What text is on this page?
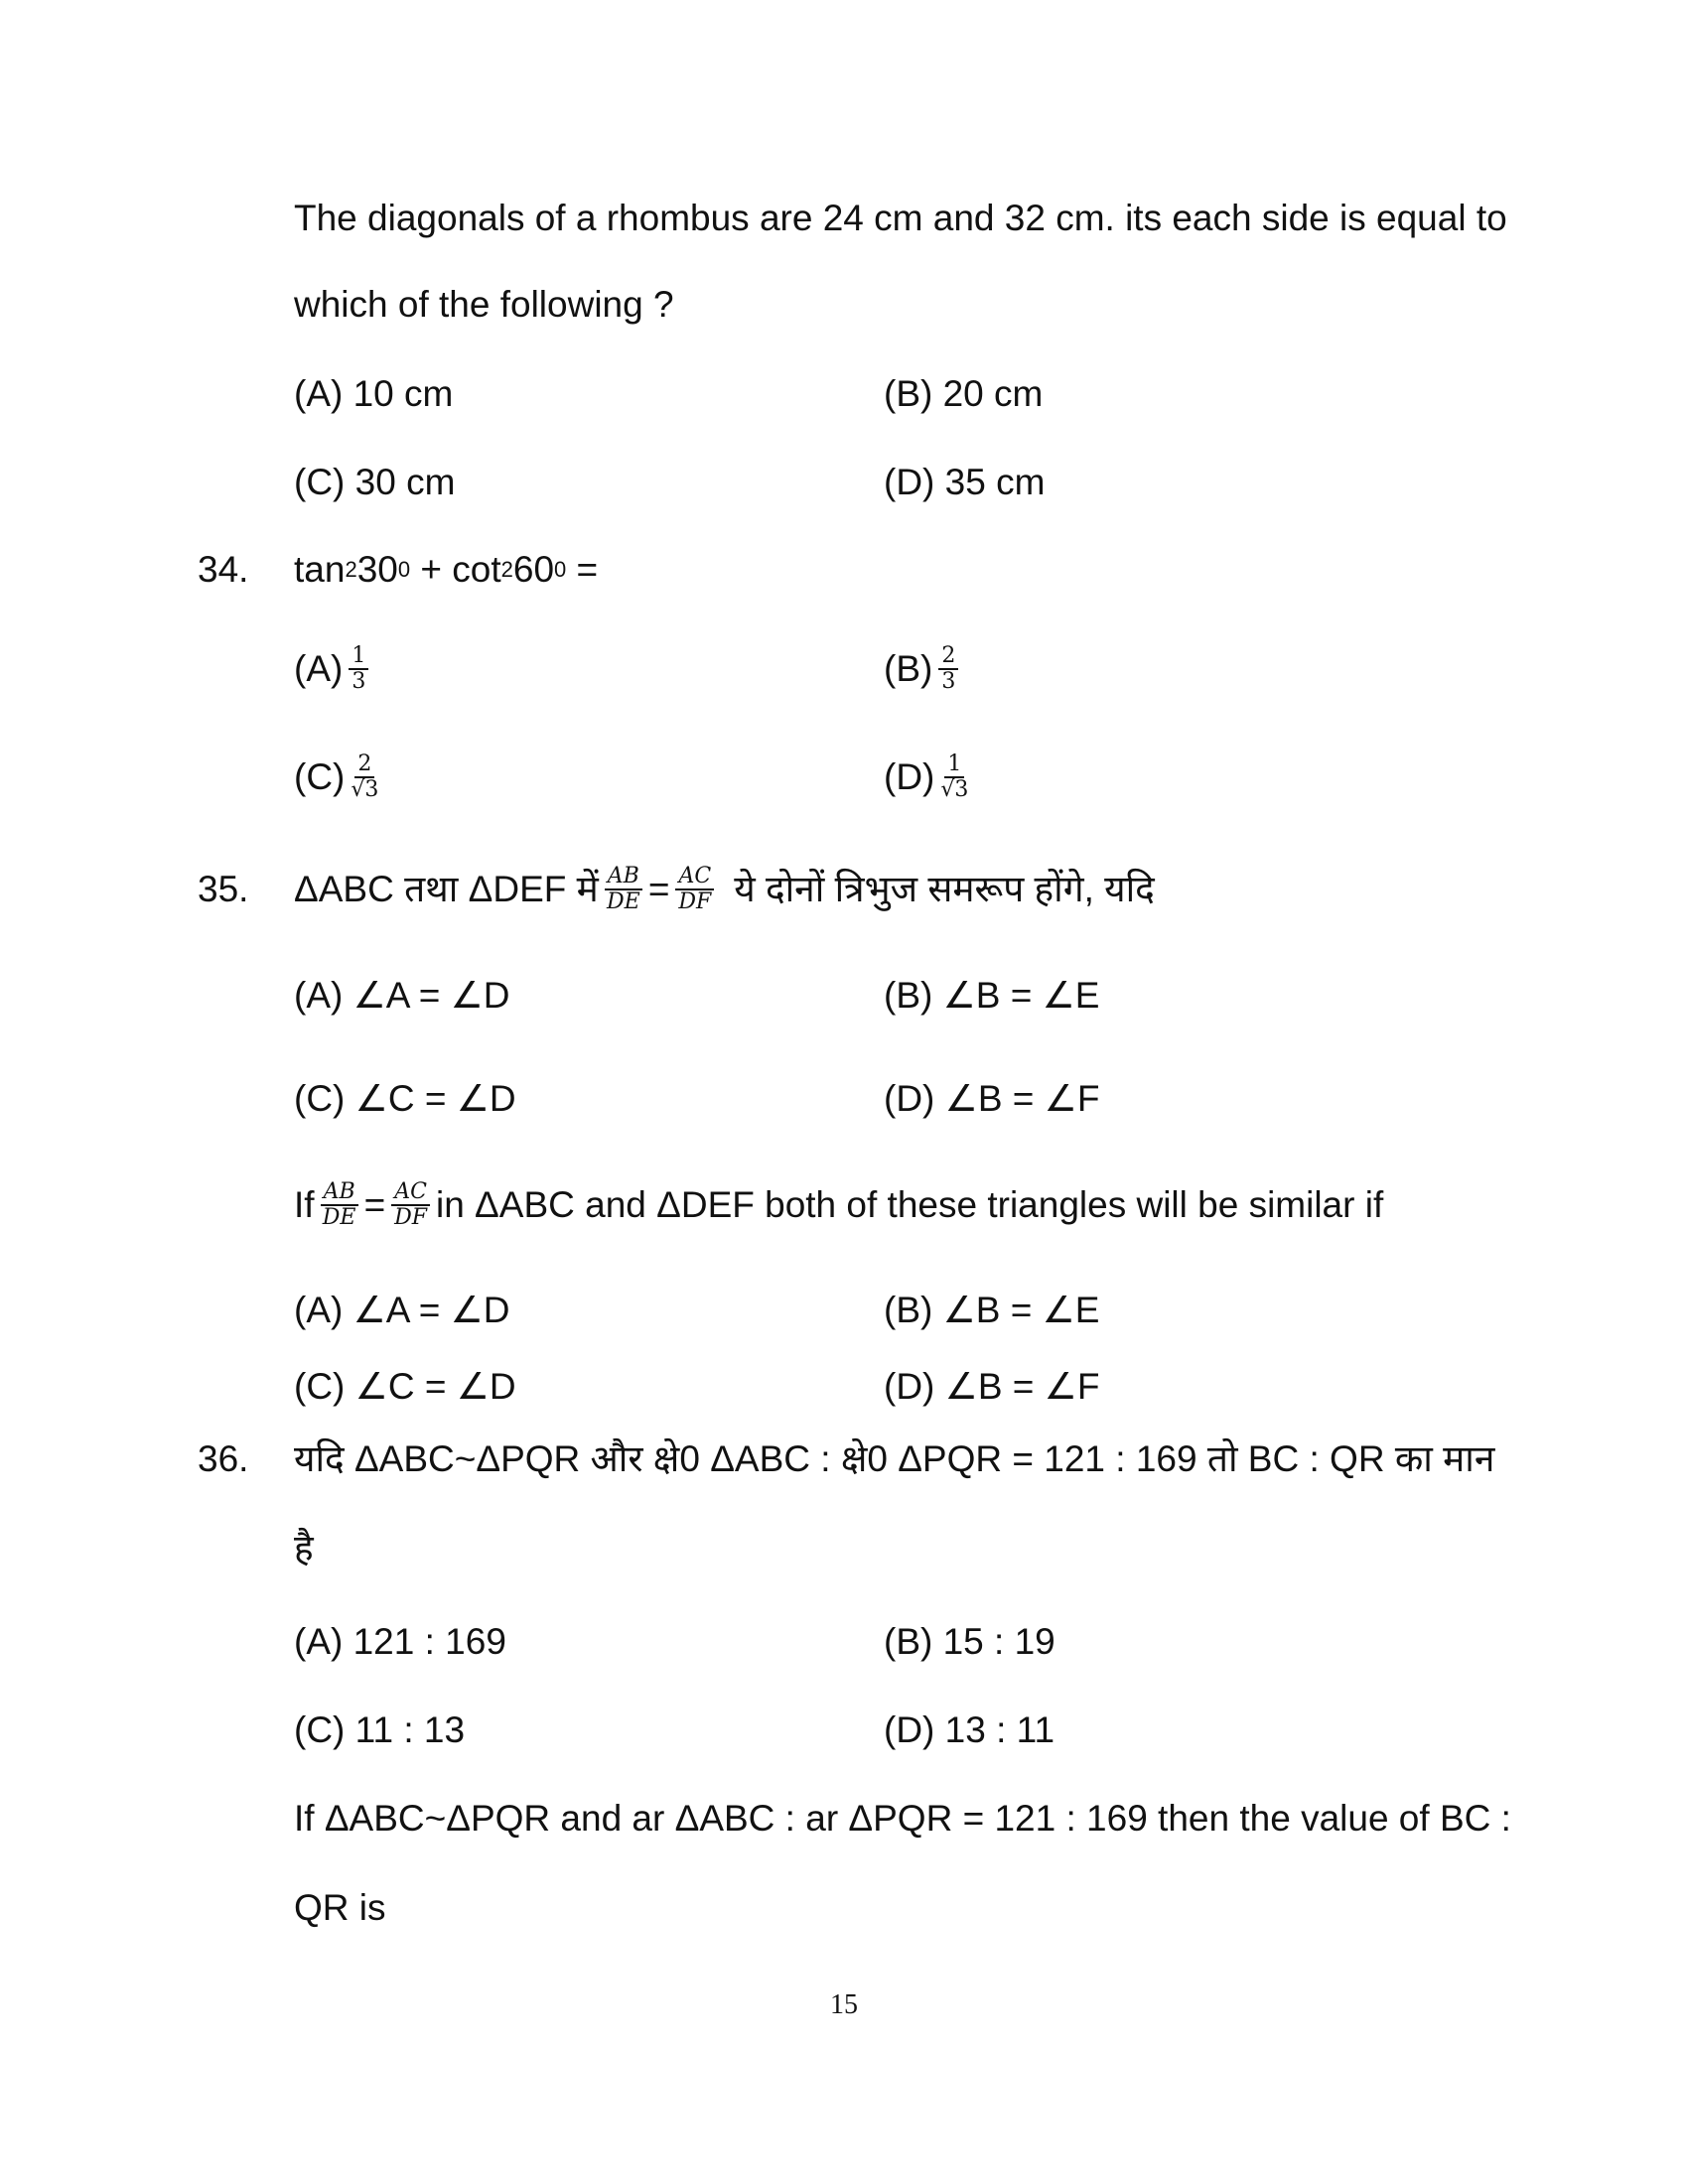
The diagonals of a rhombus are 24 cm and 32 cm. its each side is equal to
which of the following ?
(A) 10 cm	(B) 20 cm
(C) 30 cm	(D) 35 cm
34. tan 2 30 0 + cot 2 60 0 =
$(A) \frac{1}{3}$	$(B) \frac{2}{3}$
$(C) \frac{2}{√3}$	$(D) \frac{1}{√3}$
35. ΔABC तथा ΔDEF में $\frac{AB}{DE} = \frac{AC}{DF}$ ये दोनों त्रिभुज समरूप होंगे, यदि
(A) ∠A = ∠D	(B) ∠B = ∠E
(C) ∠C = ∠D	(D) ∠B = ∠F
If $\frac{AB}{DE} = \frac{AC}{DF}$ in ΔABC and ΔDEF both of these triangles will be similar if
(A) ∠A = ∠D	(B) ∠B = ∠E
(C) ∠C = ∠D	(D) ∠B = ∠F
36. यदि ΔABC~ΔPQR और क्षे0 ΔABC : क्षे0 ΔPQR = 121 : 169 तो BC : QR का मान
है
(A) 121 : 169	(B) 15 : 19
(C) 11 : 13	(D) 13 : 11
If ΔABC~ΔPQR and ar ΔABC : ar ΔPQR = 121 : 169 then the value of BC :
QR is
15
